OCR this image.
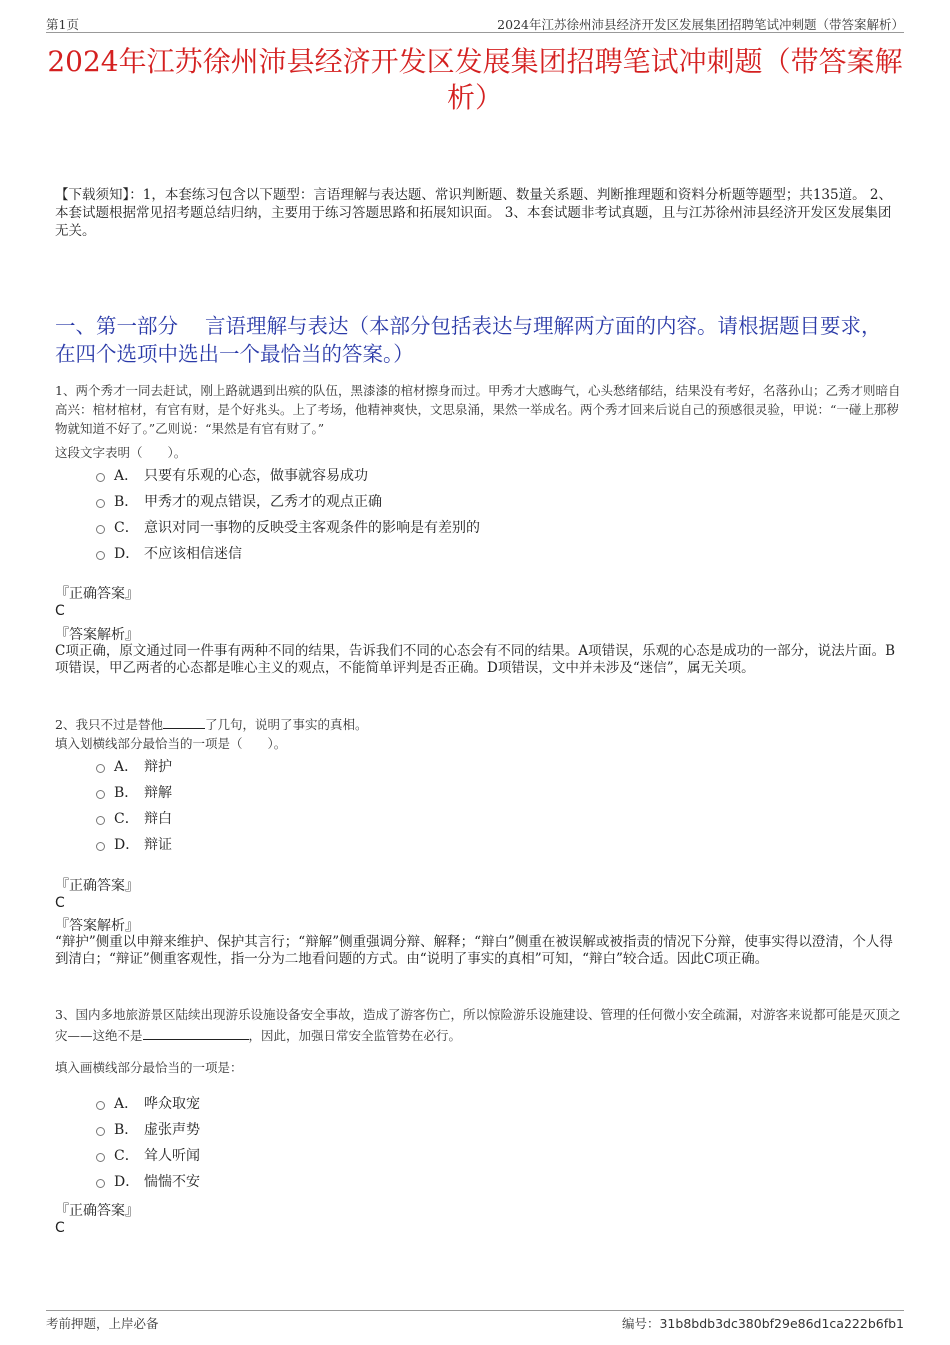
第1页	2024年江苏徐州沛县经济开发区发展集团招聘笔试冲刺题（带答案解析）
2024年江苏徐州沛县经济开发区发展集团招聘笔试冲刺题（带答案解析）
【下载须知】：1，本套练习包含以下题型：言语理解与表达题、常识判断题、数量关系题、判断推理题和资料分析题等题型；共135道。 2、本套试题根据常见招考题总结归纳，主要用于练习答题思路和拓展知识面。 3、本套试题非考试真题，且与江苏徐州沛县经济开发区发展集团无关。
一、第一部分　 言语理解与表达（本部分包括表达与理解两方面的内容。请根据题目要求，在四个选项中选出一个最恰当的答案。）
1、两个秀才一同去赶试，刚上路就遇到出殡的队伍，黑漆漆的棺材擦身而过。甲秀才大感晦气，心头愁绪郁结，结果没有考好，名落孙山；乙秀才则暗自高兴：棺材棺材，有官有财，是个好兆头。上了考场，他精神爽快，文思泉涌，果然一举成名。两个秀才回来后说自己的预感很灵验，甲说：“一碰上那秽物就知道不好了。”乙则说：“果然是有官有财了。”
这段文字表明（　　）。
A． 只要有乐观的心态，做事就容易成功
B． 甲秀才的观点错误，乙秀才的观点正确
C． 意识对同一事物的反映受主客观条件的影响是有差别的
D． 不应该相信迷信
『正确答案』
C
『答案解析』
C项正确，原文通过同一件事有两种不同的结果，告诉我们不同的心态会有不同的结果。A项错误，乐观的心态是成功的一部分，说法片面。B项错误，甲乙两者的心态都是唯心主义的观点，不能简单评判是否正确。D项错误，文中并未涉及“迷信”，属无关项。
2、我只不过是替他	了几句，说明了事实的真相。
填入划横线部分最恰当的一项是（　　）。
A． 辩护
B． 辩解
C． 辩白
D． 辩证
『正确答案』
C
『答案解析』
“辩护”侧重以申辩来维护、保护其言行；“辩解”侧重强调分辩、解释；“辩白”侧重在被误解或被指责的情况下分辩，使事实得以澄清，个人得到清白；“辩证”侧重客观性，指一分为二地看问题的方式。由“说明了事实的真相”可知，“辩白”较合适。因此C项正确。
3、国内多地旅游景区陆续出现游乐设施设备安全事故，造成了游客伤亡，所以惊险游乐设施建设、管理的任何微小安全疏漏，对游客来说都可能是灭顶之灾——这绝不是	，因此，加强日常安全监管势在必行。
填入画横线部分最恰当的一项是：
A． 哗众取宠
B． 虚张声势
C． 耸人听闻
D． 惴惴不安
『正确答案』
C
考前押题，上岸必备	编号：31b8bdb3dc380bf29e86d1ca222b6fb1
